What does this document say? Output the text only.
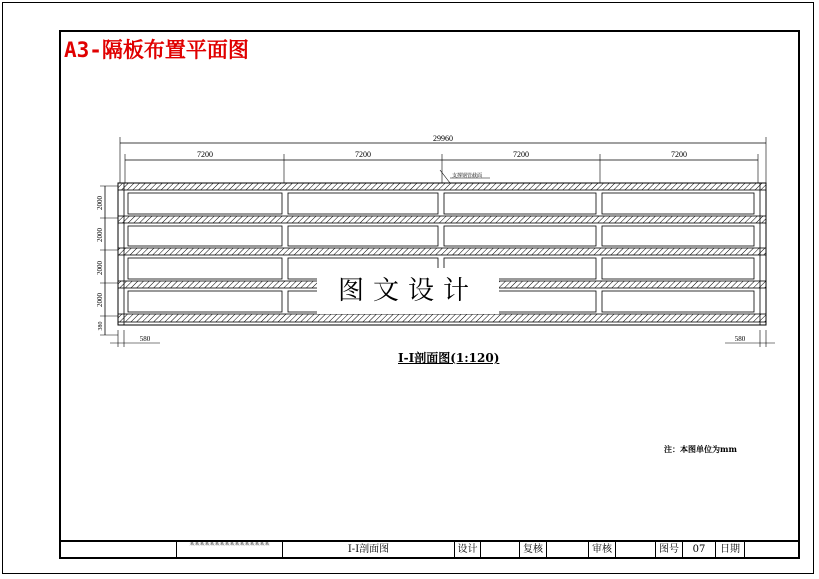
A3-隔板布置平面图
29960
7200	7200	7200	7200
支撑钢管截面
2000
2000
2000
2000
380
580	580
图文设计
I-I剖面图(1:120)
注：本图单位为mm
某某某某某某某某某某某某某某某某	I-I剖面图	设计	复核	审核	图号	07	日期
